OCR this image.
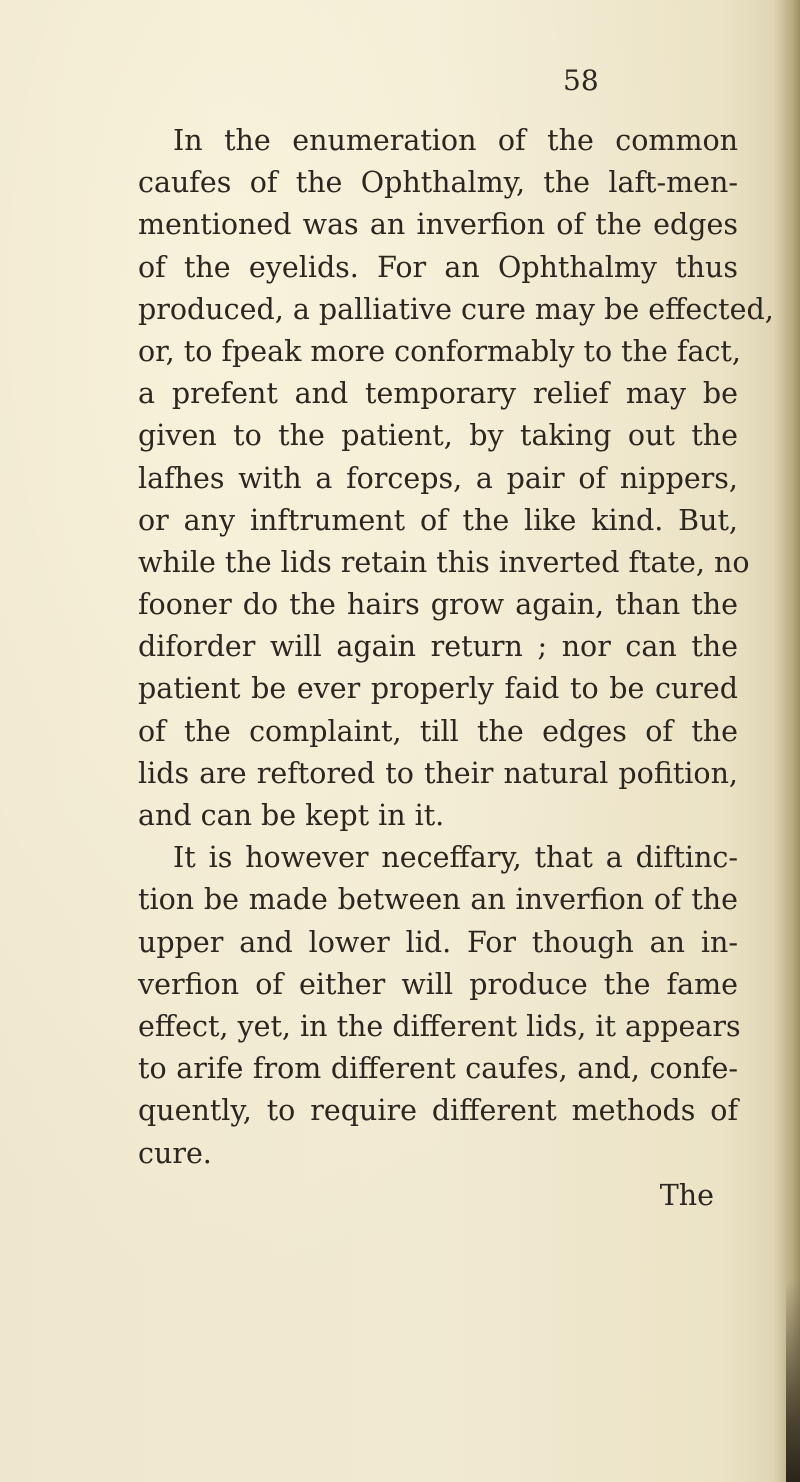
58
In the enumeration of the common
caufes of the Ophthalmy, the laft-men-
mentioned was an inverfion of the edges
of the eyelids. For an Ophthalmy thus
produced, a palliative cure may be effected,
or, to fpeak more conformably to the fact,
a prefent and temporary relief may be
given to the patient, by taking out the
lafhes with a forceps, a pair of nippers,
or any inftrument of the like kind. But,
while the lids retain this inverted ftate, no
fooner do the hairs grow again, than the
diforder will again return ; nor can the
patient be ever properly faid to be cured
of the complaint, till the edges of the
lids are reftored to their natural pofition,
and can be kept in it.
It is however neceffary, that a diftinc-
tion be made between an inverfion of the
upper and lower lid. For though an in-
verfion of either will produce the fame
effect, yet, in the different lids, it appears
to arife from different caufes, and, confe-
quently, to require different methods of
cure.
The
